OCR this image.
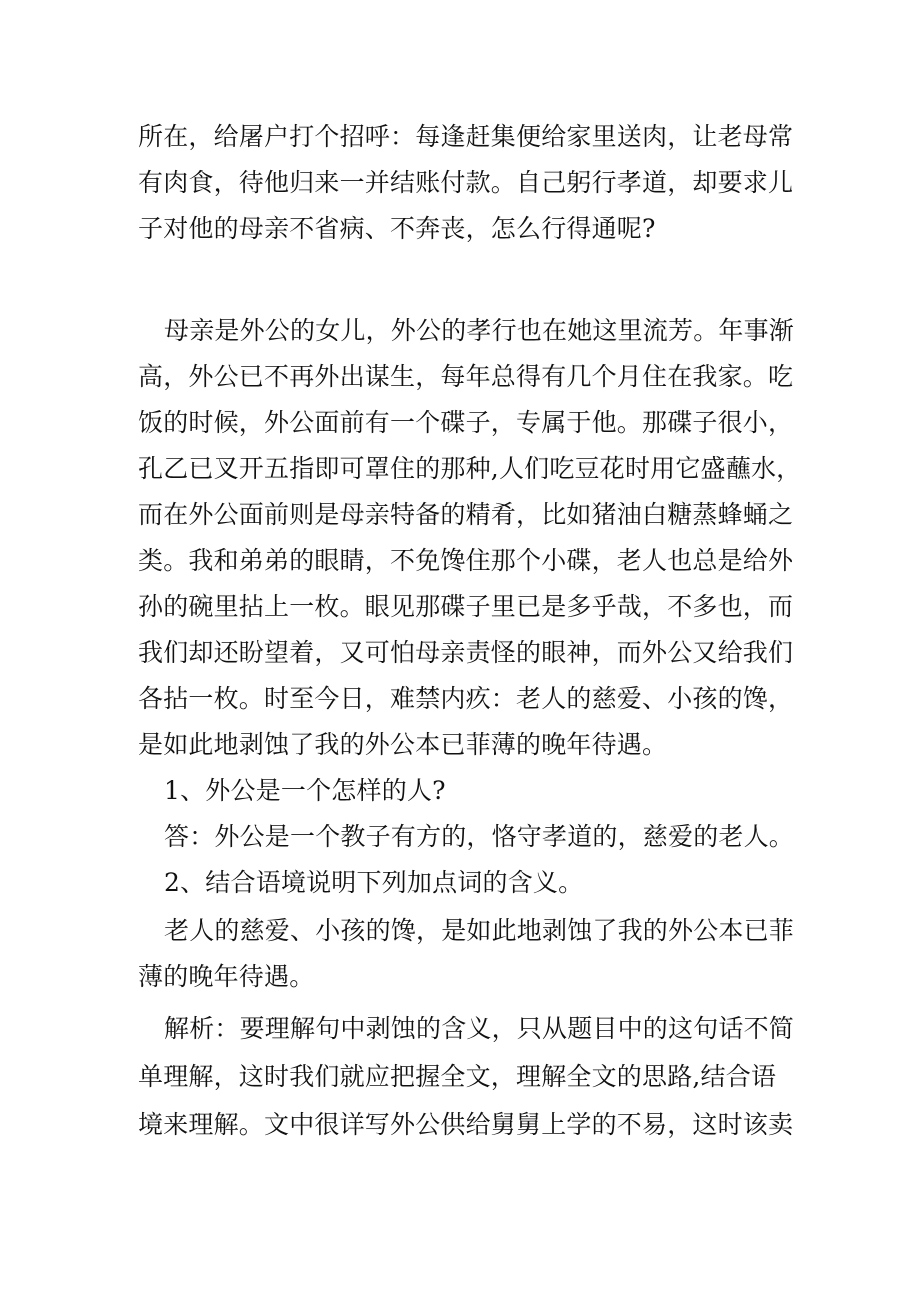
所在，给屠户打个招呼：每逢赶集便给家里送肉，让老母常

有肉食，待他归来一并结账付款。自己躬行孝道，却要求儿

子对他的母亲不省病、不奔丧，怎么行得通呢?

母亲是外公的女儿，外公的孝行也在她这里流芳。年事渐

高，外公已不再外出谋生，每年总得有几个月住在我家。吃

饭的时候，外公面前有一个碟子，专属于他。那碟子很小，

孔乙已叉开五指即可罩住的那种,人们吃豆花时用它盛蘸水，

而在外公面前则是母亲特备的精肴，比如猪油白糖蒸蜂蛹之

类。我和弟弟的眼睛，不免馋住那个小碟，老人也总是给外

孙的碗里拈上一枚。眼见那碟子里已是多乎哉，不多也，而

我们却还盼望着，又可怕母亲责怪的眼神，而外公又给我们

各拈一枚。时至今日，难禁内疚：老人的慈爱、小孩的馋，

是如此地剥蚀了我的外公本已菲薄的晚年待遇。

1、外公是一个怎样的人?

答：外公是一个教子有方的，恪守孝道的，慈爱的老人。

2、结合语境说明下列加点词的含义。

老人的慈爱、小孩的馋，是如此地剥蚀了我的外公本已菲

薄的晚年待遇。

解析：要理解句中剥蚀的含义，只从题目中的这句话不简

单理解，这时我们就应把握全文，理解全文的思路,结合语

境来理解。文中很详写外公供给舅舅上学的不易，这时该卖
